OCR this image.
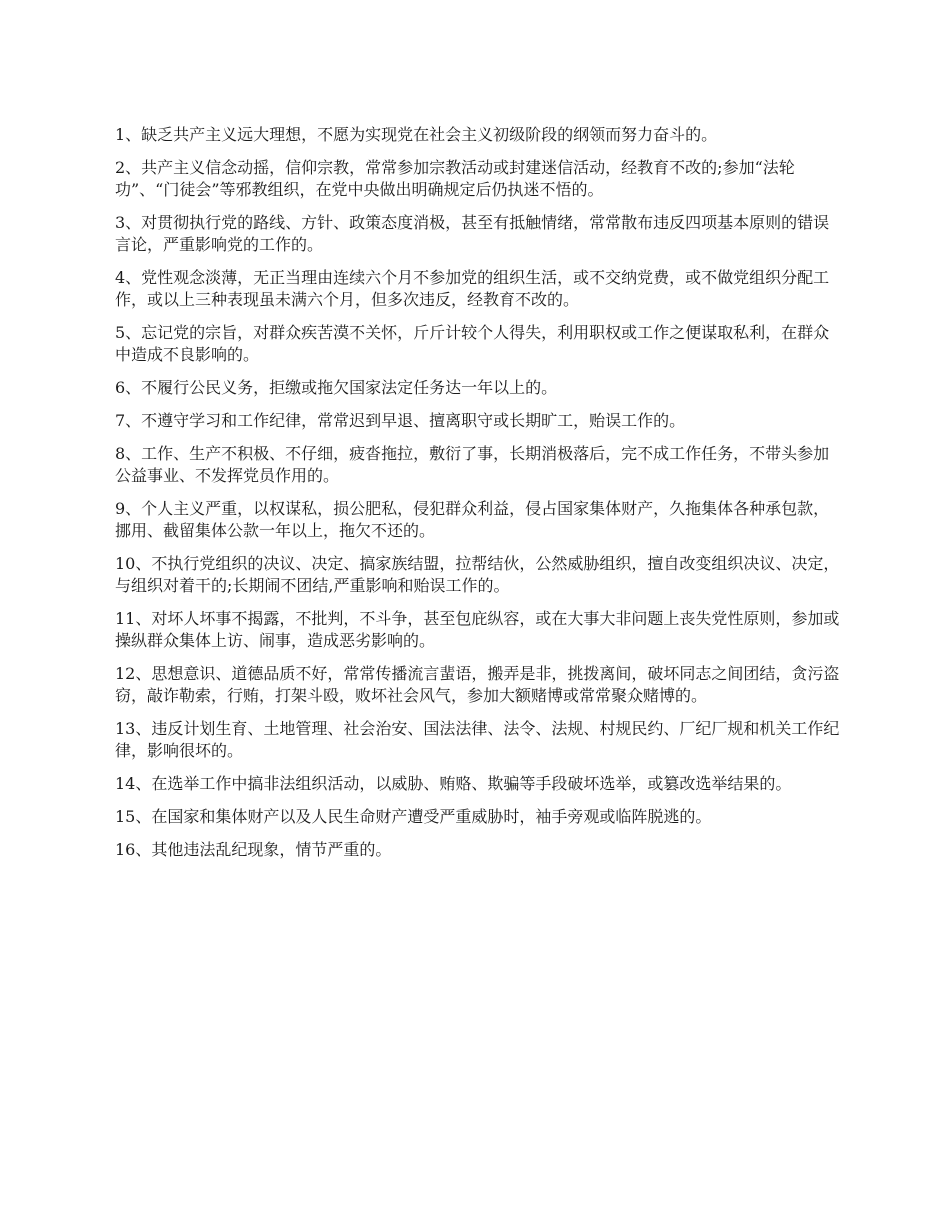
1、缺乏共产主义远大理想，不愿为实现党在社会主义初级阶段的纲领而努力奋斗的。

2、共产主义信念动摇，信仰宗教，常常参加宗教活动或封建迷信活动，经教育不改的;参加“法轮功”、“门徒会”等邪教组织，在党中央做出明确规定后仍执迷不悟的。

3、对贯彻执行党的路线、方针、政策态度消极，甚至有抵触情绪，常常散布违反四项基本原则的错误言论，严重影响党的工作的。

4、党性观念淡薄，无正当理由连续六个月不参加党的组织生活，或不交纳党费，或不做党组织分配工作，或以上三种表现虽未满六个月，但多次违反，经教育不改的。

5、忘记党的宗旨，对群众疾苦漠不关怀，斤斤计较个人得失，利用职权或工作之便谋取私利，在群众中造成不良影响的。

6、不履行公民义务，拒缴或拖欠国家法定任务达一年以上的。

7、不遵守学习和工作纪律，常常迟到早退、擅离职守或长期旷工，贻误工作的。

8、工作、生产不积极、不仔细，疲沓拖拉，敷衍了事，长期消极落后，完不成工作任务，不带头参加公益事业、不发挥党员作用的。

9、个人主义严重，以权谋私，损公肥私，侵犯群众利益，侵占国家集体财产，久拖集体各种承包款，挪用、截留集体公款一年以上，拖欠不还的。

10、不执行党组织的决议、决定、搞家族结盟，拉帮结伙，公然威胁组织，擅自改变组织决议、决定，与组织对着干的;长期闹不团结,严重影响和贻误工作的。

11、对坏人坏事不揭露，不批判，不斗争，甚至包庇纵容，或在大事大非问题上丧失党性原则，参加或操纵群众集体上访、闹事，造成恶劣影响的。

12、思想意识、道德品质不好，常常传播流言蜚语，搬弄是非，挑拨离间，破坏同志之间团结，贪污盗窃，敲诈勒索，行贿，打架斗殴，败坏社会风气，参加大额赌博或常常聚众赌博的。

13、违反计划生育、土地管理、社会治安、国法法律、法令、法规、村规民约、厂纪厂规和机关工作纪律，影响很坏的。

14、在选举工作中搞非法组织活动，以威胁、贿赂、欺骗等手段破坏选举，或篡改选举结果的。

15、在国家和集体财产以及人民生命财产遭受严重威胁时，袖手旁观或临阵脱逃的。

16、其他违法乱纪现象，情节严重的。
